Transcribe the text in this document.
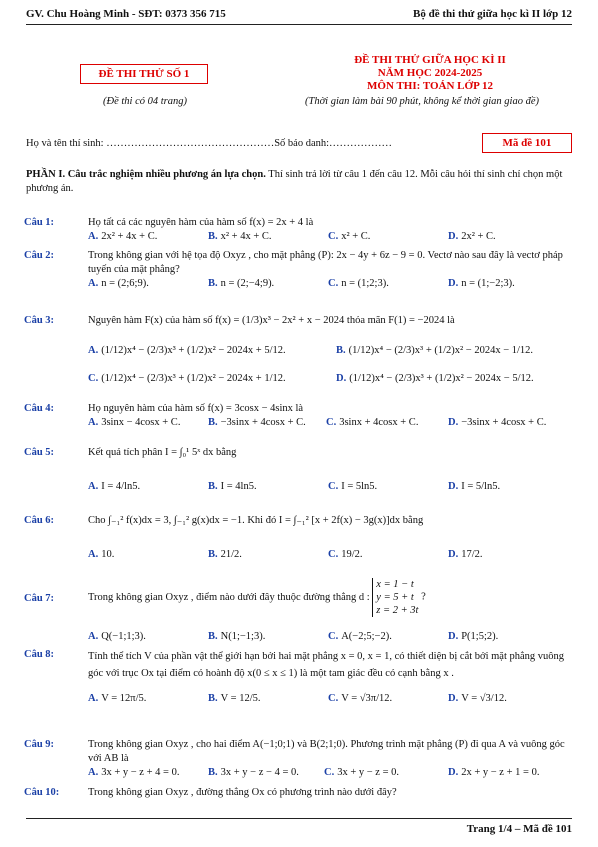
GV. Chu Hoàng Minh - SĐT: 0373 356 715	Bộ đề thi thử giữa học kì II lớp 12
ĐỀ THI THỬ SỐ 1
(Đề thi có 04 trang)
ĐỀ THI THỬ GIỮA HỌC KÌ II
NĂM HỌC 2024-2025
MÔN THI: TOÁN LỚP 12
(Thời gian làm bài 90 phút, không kể thời gian giao đề)
Họ và tên thí sinh: …………………………………………Số báo danh:………………	Mã đề 101
PHẦN I. Câu trắc nghiệm nhiều phương án lựa chọn. Thí sinh trả lời từ câu 1 đến câu 12. Mỗi câu hỏi thí sinh chỉ chọn một phương án.
Câu 1:	Họ tất cả các nguyên hàm của hàm số f(x) = 2x + 4 là
A. 2x² + 4x + C.	B. x² + 4x + C.	C. x² + C.	D. 2x² + C.
Câu 2:	Trong không gian với hệ tọa độ Oxyz , cho mặt phẳng (P): 2x − 4y + 6z − 9 = 0. Vectơ nào sau đây là vectơ pháp tuyến của mặt phẳng?
A. n = (2;6;9).	B. n = (2;−4;9).	C. n = (1;2;3).	D. n = (1;−2;3).
Câu 3:	Nguyên hàm F(x) của hàm số f(x) = (1/3)x³ − 2x² + x − 2024 thỏa mãn F(1) = −2024 là
A. (1/12)x⁴ − (2/3)x³ + (1/2)x² − 2024x + 5/12.	B. (1/12)x⁴ − (2/3)x³ + (1/2)x² − 2024x − 1/12.
C. (1/12)x⁴ − (2/3)x³ + (1/2)x² − 2024x + 1/12.	D. (1/12)x⁴ − (2/3)x³ + (1/2)x² − 2024x − 5/12.
Câu 4:	Họ nguyên hàm của hàm số f(x) = 3cosx − 4sinx là
A. 3sinx − 4cosx + C.	B. −3sinx + 4cosx + C. C. 3sinx + 4cosx + C.	D. −3sinx + 4cosx + C.
Câu 5:	Kết quả tích phân I = ∫₀¹ 5ˣ dx bằng
A. I = 4/ln5.	B. I = 4ln5.	C. I = 5ln5.	D. I = 5/ln5.
Câu 6:	Cho ∫₋₁² f(x)dx = 3, ∫₋₁² g(x)dx = −1. Khi đó I = ∫₋₁² [x + 2f(x) − 3g(x)]dx bằng
A. 10.	B. 21/2.	C. 19/2.	D. 17/2.
Câu 7:	Trong không gian Oxyz , điểm nào dưới đây thuộc đường thẳng d :
x = 1 − t
y = 5 + t
z = 2 + 3t
?
A. Q(−1;1;3).	B. N(1;−1;3).	C. A(−2;5;−2).	D. P(1;5;2).
Câu 8:	Tính thể tích V của phần vật thể giới hạn bởi hai mặt phẳng x = 0, x = 1, có thiết diện bị cắt bởi mặt phẳng vuông góc với trục Ox tại điểm có hoành độ x(0 ≤ x ≤ 1) là một tam giác đều có cạnh bằng x .
A. V = 12π/5.	B. V = 12/5.	C. V = √3π/12.	D. V = √3/12.
Câu 9:	Trong không gian Oxyz , cho hai điểm A(−1;0;1) và B(2;1;0). Phương trình mặt phẳng (P) đi qua A và vuông góc với AB là
A. 3x + y − z + 4 = 0.	B. 3x + y − z − 4 = 0. C. 3x + y − z = 0.	D. 2x + y − z + 1 = 0.
Câu 10:	Trong không gian Oxyz , đường thẳng Ox có phương trình nào dưới đây?
Trang 1/4 – Mã đề 101
